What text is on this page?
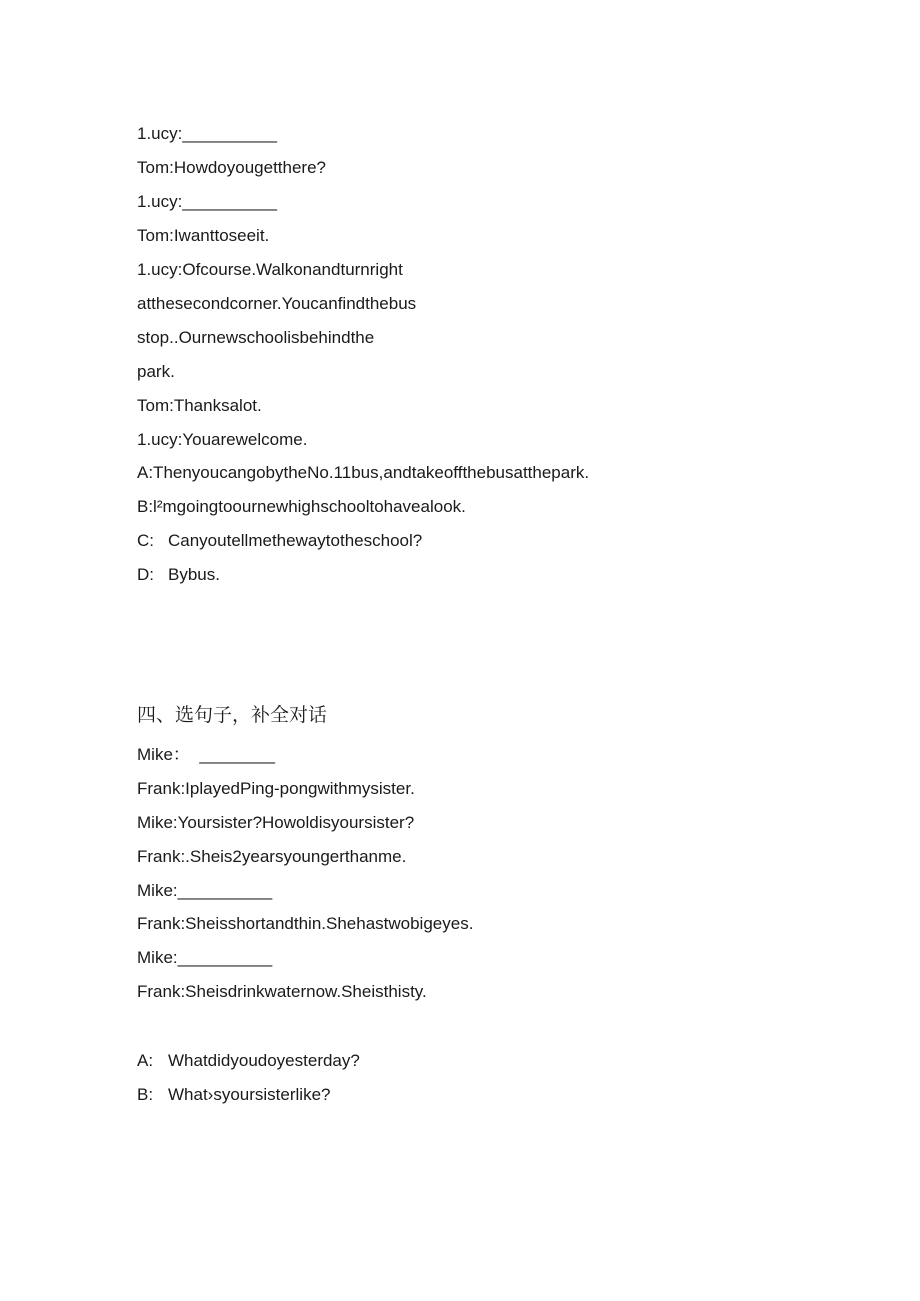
1.ucy:__________
Tom:Howdoyougetthere?
1.ucy:__________
Tom:Iwanttoseeit.
1.ucy:Ofcourse.Walkonandturnright
atthesecondcorner.Youcanfindthebus
stop..Ournewschoolisbehindthe
park.
Tom:Thanksalot.
1.ucy:Youarewelcome.
A:ThenyoucangobytheNo.11bus,andtakeoffthebusatthepark.
B:l²mgoingtoournewhighschooltohavealook.
C: Canyoutellmethewaytotheschool?
D: Bybus.
四、选句子，补全对话
Mike：  ________
Frank:IplayedPing-pongwithmysister.
Mike:Yoursister?Howoldisyoursister?
Frank:.Sheis2yearsyoungerthanme.
Mike:__________
Frank:Sheisshortandthin.Shehastwobigeyes.
Mike:__________
Frank:Sheisdrinkwaternow.Sheisthisty.
A: Whatdidyoudoyesterday?
B: What›syoursisterlike?
